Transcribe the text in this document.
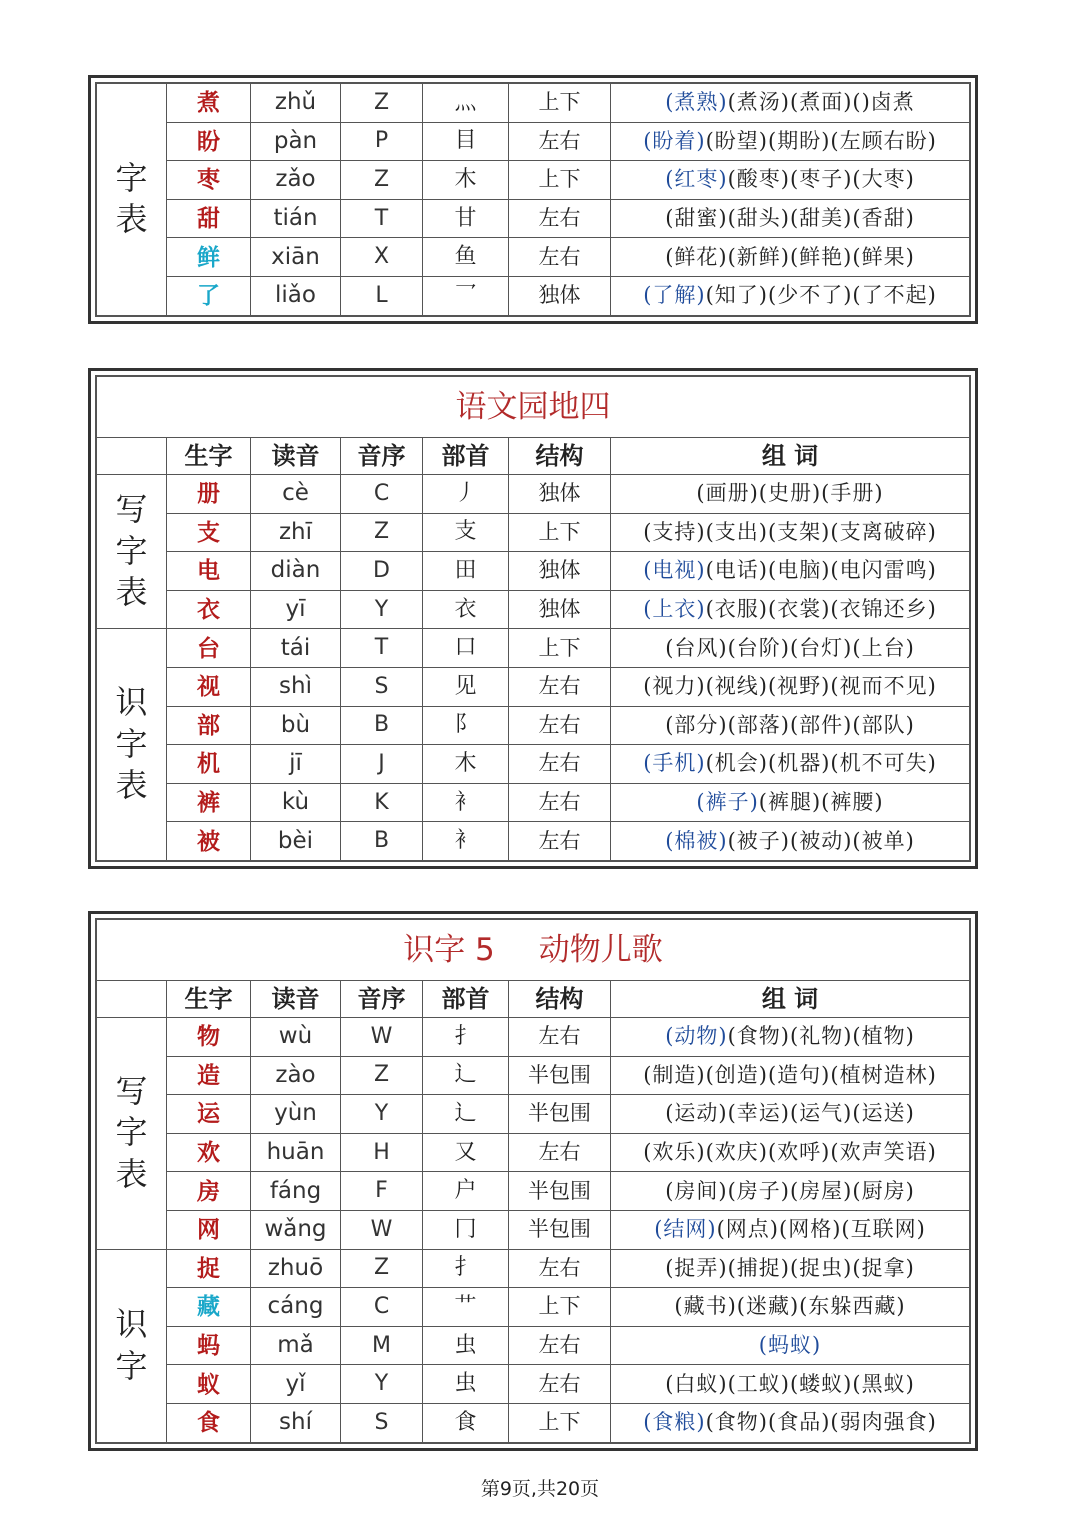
字
表	煮	zhǔ	Z	灬	上下	(煮熟)(煮汤)(煮面)()卤煮
	盼	pàn	P	目	左右	(盼着)(盼望)(期盼)(左顾右盼)
	枣	zǎo	Z	木	上下	(红枣)(酸枣)(枣子)(大枣)
	甜	tián	T	甘	左右	(甜蜜)(甜头)(甜美)(香甜)
	鲜	xiān	X	鱼	左右	(鲜花)(新鲜)(鲜艳)(鲜果)
	了	liǎo	L	乛	独体	(了解)(知了)(少不了)(了不起)
语文园地四						
	生字	读音	音序	部首	结构	组 词

写
字
表	册	cè	C	丿	独体	(画册)(史册)(手册)
	支	zhī	Z	支	上下	(支持)(支出)(支架)(支离破碎)
	电	diàn	D	田	独体	(电视)(电话)(电脑)(电闪雷鸣)
	衣	yī	Y	衣	独体	(上衣)(衣服)(衣裳)(衣锦还乡)

识
字
表	台	tái	T	口	上下	(台风)(台阶)(台灯)(上台)
	视	shì	S	见	左右	(视力)(视线)(视野)(视而不见)
	部	bù	B	阝	左右	(部分)(部落)(部件)(部队)
	机	jī	J	木	左右	(手机)(机会)(机器)(机不可失)
	裤	kù	K	衤	左右	(裤子)(裤腿)(裤腰)
	被	bèi	B	衤	左右	(棉被)(被子)(被动)(被单)
识字 5 动物儿歌						
	生字	读音	音序	部首	结构	组 词

写
字
表	物	wù	W	扌	左右	(动物)(食物)(礼物)(植物)
	造	zào	Z	辶	半包围	(制造)(创造)(造句)(植树造林)
	运	yùn	Y	辶	半包围	(运动)(幸运)(运气)(运送)
	欢	huān	H	又	左右	(欢乐)(欢庆)(欢呼)(欢声笑语)
	房	fáng	F	户	半包围	(房间)(房子)(房屋)(厨房)
	网	wǎng	W	冂	半包围	(结网)(网点)(网格)(互联网)

识
字	捉	zhuō	Z	扌	左右	(捉弄)(捕捉)(捉虫)(捉拿)
	藏	cáng	C	艹	上下	(藏书)(迷藏)(东躲西藏)
	蚂	mǎ	M	虫	左右	(蚂蚁)
	蚁	yǐ	Y	虫	左右	(白蚁)(工蚁)(蝼蚁)(黑蚁)
	食	shí	S	食	上下	(食粮)(食物)(食品)(弱肉强食)
第9页,共20页
